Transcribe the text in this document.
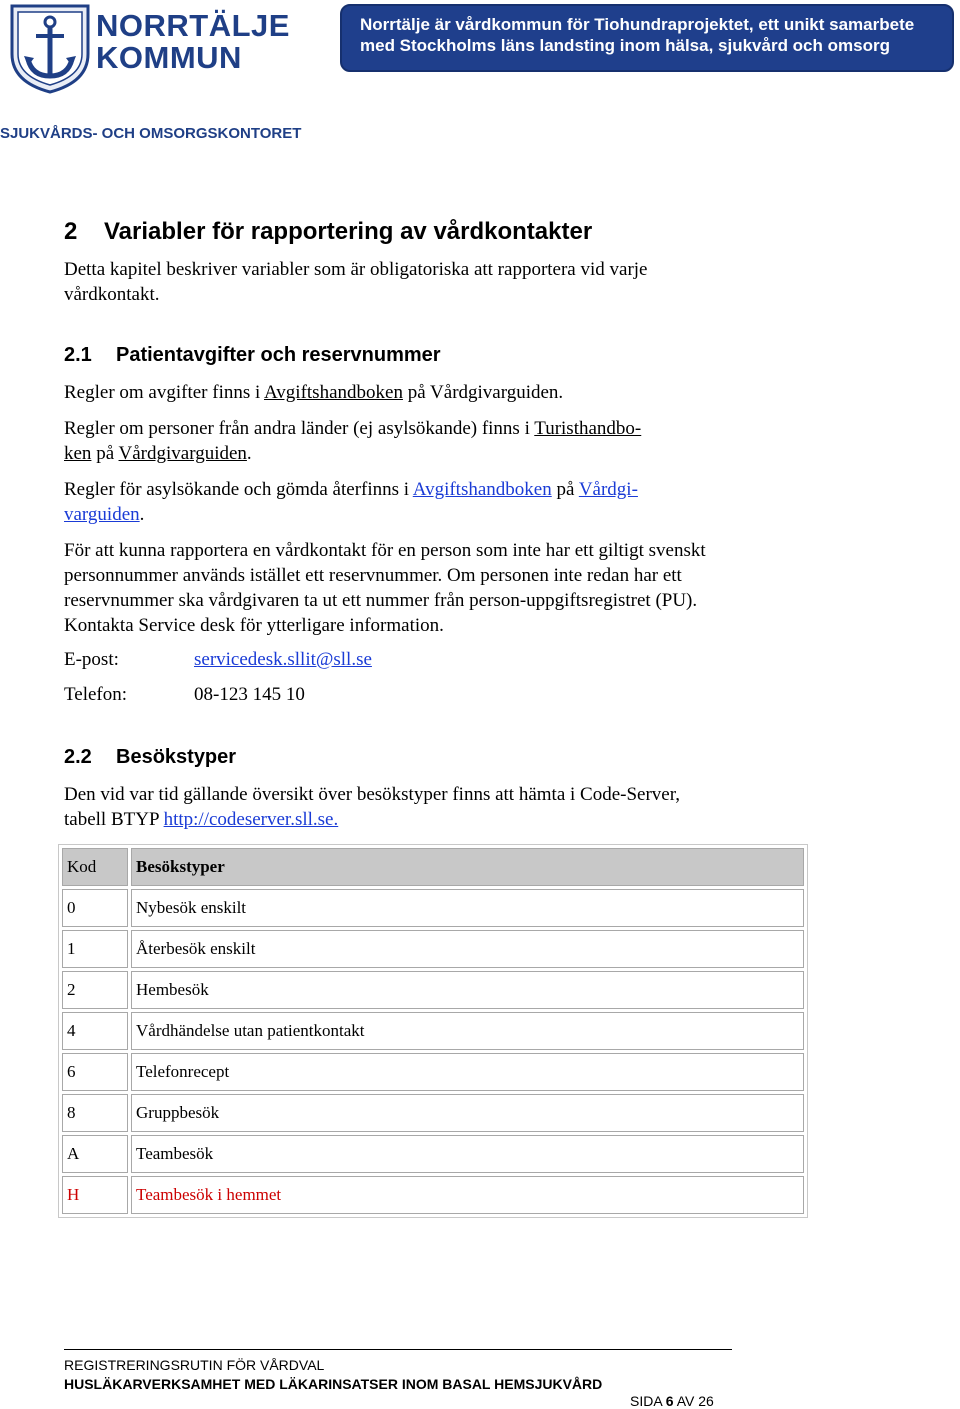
NORRTÄLJE
KOMMUN
Norrtälje är vårdkommun för Tiohundraprojektet, ett unikt samarbete
med Stockholms läns landsting inom hälsa, sjukvård och omsorg
SJUKVÅRDS- OCH OMSORGSKONTORET
2 Variabler för rapportering av vårdkontakter
Detta kapitel beskriver variabler som är obligatoriska att rapportera vid varje vårdkontakt.
2.1 Patientavgifter och reservnummer
Regler om avgifter finns i Avgiftshandboken på Vårdgivarguiden.
Regler om personer från andra länder (ej asylsökande) finns i Turisthandbo-
ken på Vårdgivarguiden.
Regler för asylsökande och gömda återfinns i Avgiftshandboken på Vårdgi-
varguiden.
För att kunna rapportera en vårdkontakt för en person som inte har ett giltigt svenskt personnummer används istället ett reservnummer. Om personen inte redan har ett reservnummer ska vårdgivaren ta ut ett nummer från person-uppgiftsregistret (PU). Kontakta Service desk för ytterligare information.
E-post:	servicedesk.sllit@sll.se
Telefon:	08-123 145 10
2.2 Besökstyper
Den vid var tid gällande översikt över besökstyper finns att hämta i Code-Server, tabell BTYP http://codeserver.sll.se.
Kod	Besökstyper
0	Nybesök enskilt
1	Återbesök enskilt
2	Hembesök
4	Vårdhändelse utan patientkontakt
6	Telefonrecept
8	Gruppbesök
A	Teambesök
H	Teambesök i hemmet
REGISTRERINGSRUTIN FÖR VÅRDVAL
HUSLÄKARVERKSAMHET MED LÄKARINSATSER INOM BASAL HEMSJUKVÅRD
SIDA 6 AV 26
